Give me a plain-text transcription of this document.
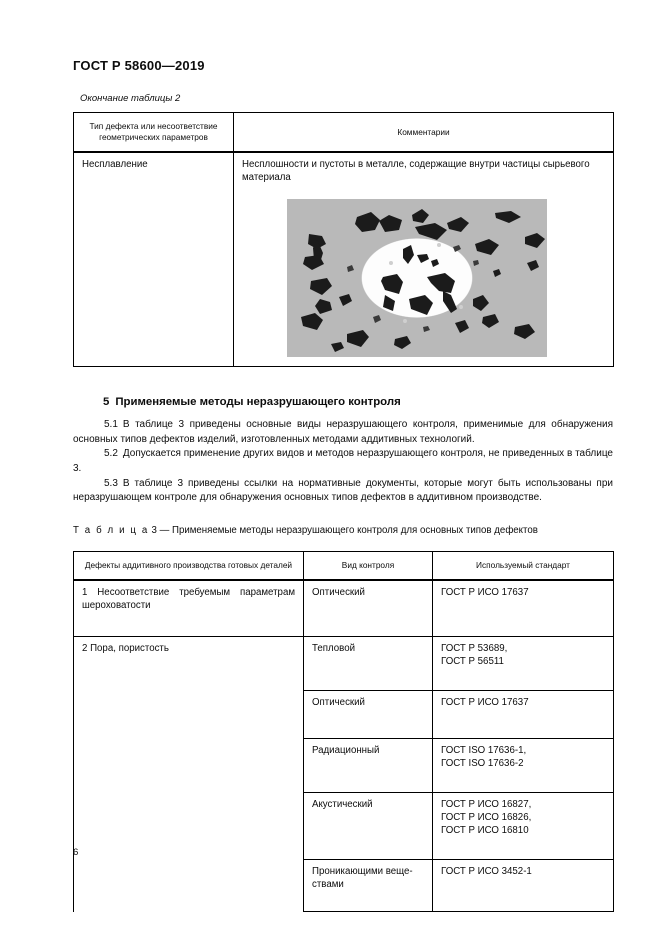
ГОСТ Р 58600—2019
Окончание таблицы 2
Тип дефекта или несоответствие геометрических параметров	Комментарии
Несплавление	Несплошности и пустоты в металле, содержащие внутри частицы сырьевого материала
5 Применяемые методы неразрушающего контроля

5.1 В таблице 3 приведены основные виды неразрушающего контроля, применимые для обнаружения основных типов дефектов изделий, изготовленных методами аддитивных технологий.

5.2 Допускается применение других видов и методов неразрушающего контроля, не приведенных в таблице 3.

5.3 В таблице 3 приведены ссылки на нормативные документы, которые могут быть использованы при неразрушающем контроле для обнаружения основных типов дефектов в аддитивном производстве.

Т а б л и ц а 3 — Применяемые методы неразрушающего контроля для основных типов дефектов
Дефекты аддитивного производства готовых деталей	Вид контроля	Используемый стандарт
1 Несоответствие требуемым параметрам шероховатости	Оптический	ГОСТ Р ИСО 17637
2 Пора, пористость	Тепловой	ГОСТ Р 53689,
ГОСТ Р 56511
	Оптический	ГОСТ Р ИСО 17637
	Радиационный	ГОСТ ISO 17636-1,
ГОСТ ISO 17636-2
	Акустический	ГОСТ Р ИСО 16827,
ГОСТ Р ИСО 16826,
ГОСТ Р ИСО 16810
	Проникающими веще-
ствами	ГОСТ Р ИСО 3452-1
6
